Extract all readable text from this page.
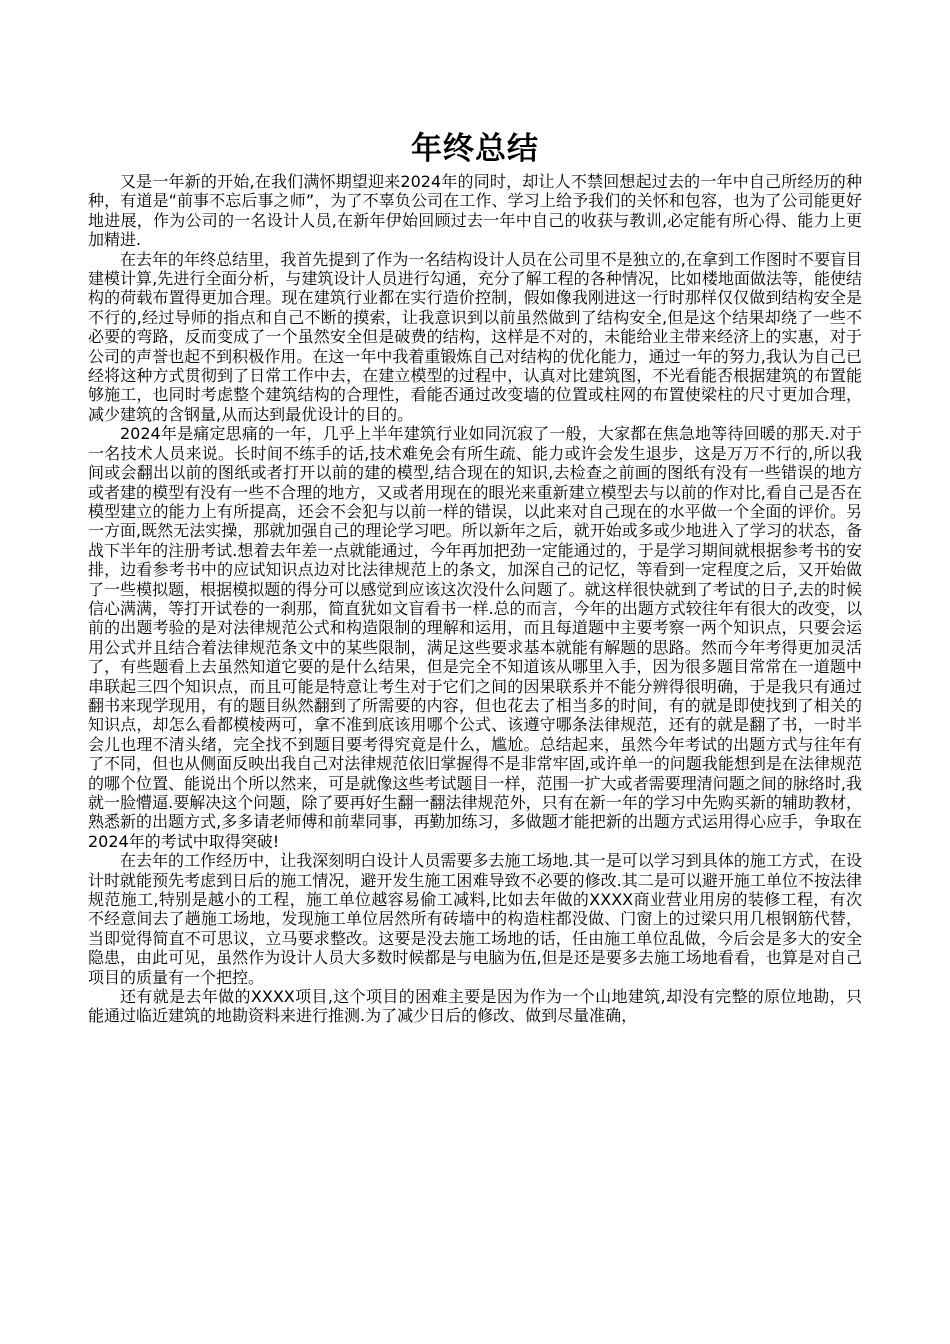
年终总结

又是一年新的开始,在我们满怀期望迎来2024年的同时，却让人不禁回想起过去的一年中自己所经历的种种，有道是“前事不忘后事之师”，为了不辜负公司在工作、学习上给予我们的关怀和包容，也为了公司能更好地进展，作为公司的一名设计人员,在新年伊始回顾过去一年中自己的收获与教训,必定能有所心得、能力上更加精进.

在去年的年终总结里，我首先提到了作为一名结构设计人员在公司里不是独立的,在拿到工作图时不要盲目建模计算,先进行全面分析，与建筑设计人员进行勾通，充分了解工程的各种情况，比如楼地面做法等，能使结构的荷载布置得更加合理。现在建筑行业都在实行造价控制，假如像我刚进这一行时那样仅仅做到结构安全是不行的,经过导师的指点和自己不断的摸索，让我意识到以前虽然做到了结构安全,但是这个结果却绕了一些不必要的弯路，反而变成了一个虽然安全但是破费的结构，这样是不对的，未能给业主带来经济上的实惠，对于公司的声誉也起不到积极作用。在这一年中我着重锻炼自己对结构的优化能力，通过一年的努力,我认为自己已经将这种方式贯彻到了日常工作中去，在建立模型的过程中，认真对比建筑图，不光看能否根据建筑的布置能够施工，也同时考虑整个建筑结构的合理性，看能否通过改变墙的位置或柱网的布置使梁柱的尺寸更加合理，减少建筑的含钢量,从而达到最优设计的目的。

2024年是痛定思痛的一年，几乎上半年建筑行业如同沉寂了一般，大家都在焦急地等待回暖的那天.对于一名技术人员来说。长时间不练手的话,技术难免会有所生疏、能力或许会发生退步，这是万万不行的,所以我间或会翻出以前的图纸或者打开以前的建的模型,结合现在的知识,去检查之前画的图纸有没有一些错误的地方或者建的模型有没有一些不合理的地方，又或者用现在的眼光来重新建立模型去与以前的作对比,看自己是否在模型建立的能力上有所提高，还会不会犯与以前一样的错误，以此来对自己现在的水平做一个全面的评价。另一方面,既然无法实操，那就加强自己的理论学习吧。所以新年之后，就开始或多或少地进入了学习的状态，备战下半年的注册考试.想着去年差一点就能通过，今年再加把劲一定能通过的，于是学习期间就根据参考书的安排，边看参考书中的应试知识点边对比法律规范上的条文，加深自己的记忆，等看到一定程度之后，又开始做了一些模拟题，根据模拟题的得分可以感觉到应该这次没什么问题了。就这样很快就到了考试的日子,去的时候信心满满，等打开试卷的一刹那，简直犹如文盲看书一样.总的而言，今年的出题方式较往年有很大的改变，以前的出题考验的是对法律规范公式和构造限制的理解和运用，而且每道题中主要考察一两个知识点，只要会运用公式并且结合着法律规范条文中的某些限制，满足这些要求基本就能有解题的思路。然而今年考得更加灵活了，有些题看上去虽然知道它要的是什么结果，但是完全不知道该从哪里入手，因为很多题目常常在一道题中串联起三四个知识点，而且可能是特意让考生对于它们之间的因果联系并不能分辨得很明确，于是我只有通过翻书来现学现用，有的题目纵然翻到了所需要的内容，但也花去了相当多的时间，有的就是即使找到了相关的知识点，却怎么看都模棱两可，拿不准到底该用哪个公式、该遵守哪条法律规范，还有的就是翻了书，一时半会儿也理不清头绪，完全找不到题目要考得究竟是什么，尴尬。总结起来，虽然今年考试的出题方式与往年有了不同，但也从侧面反映出我自己对法律规范依旧掌握得不是非常牢固,或许单一的问题我能想到是在法律规范的哪个位置、能说出个所以然来，可是就像这些考试题目一样，范围一扩大或者需要理清问题之间的脉络时,我就一脸懵逼.要解决这个问题，除了要再好生翻一翻法律规范外，只有在新一年的学习中先购买新的辅助教材，熟悉新的出题方式,多多请老师傅和前辈同事，再勤加练习，多做题才能把新的出题方式运用得心应手，争取在2024年的考试中取得突破!

在去年的工作经历中，让我深刻明白设计人员需要多去施工场地.其一是可以学习到具体的施工方式，在设计时就能预先考虑到日后的施工情况，避开发生施工困难导致不必要的修改.其二是可以避开施工单位不按法律规范施工,特别是越小的工程，施工单位越容易偷工减料,比如去年做的XXXX商业营业用房的装修工程，有次不经意间去了趟施工场地，发现施工单位居然所有砖墙中的构造柱都没做、门窗上的过梁只用几根钢筋代替，当即觉得简直不可思议，立马要求整改。这要是没去施工场地的话，任由施工单位乱做，今后会是多大的安全隐患，由此可见，虽然作为设计人员大多数时候都是与电脑为伍,但是还是要多去施工场地看看，也算是对自己项目的质量有一个把控。

还有就是去年做的XXXX项目,这个项目的困难主要是因为作为一个山地建筑,却没有完整的原位地勘，只能通过临近建筑的地勘资料来进行推测.为了减少日后的修改、做到尽量准确，
